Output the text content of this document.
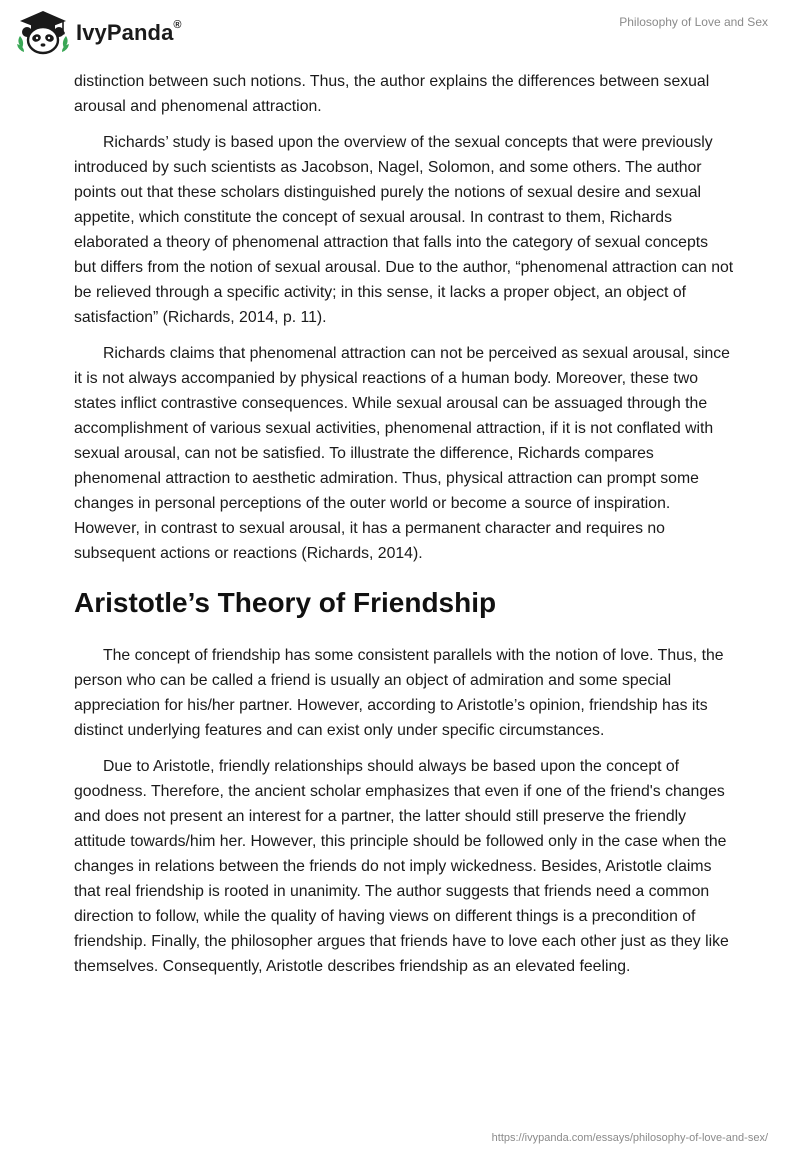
IvyPanda®	Philosophy of Love and Sex

distinction between such notions. Thus, the author explains the differences between sexual arousal and phenomenal attraction.

Richards’ study is based upon the overview of the sexual concepts that were previously introduced by such scientists as Jacobson, Nagel, Solomon, and some others. The author points out that these scholars distinguished purely the notions of sexual desire and sexual appetite, which constitute the concept of sexual arousal. In contrast to them, Richards elaborated a theory of phenomenal attraction that falls into the category of sexual concepts but differs from the notion of sexual arousal. Due to the author, “phenomenal attraction can not be relieved through a specific activity; in this sense, it lacks a proper object, an object of satisfaction” (Richards, 2014, p. 11).

Richards claims that phenomenal attraction can not be perceived as sexual arousal, since it is not always accompanied by physical reactions of a human body. Moreover, these two states inflict contrastive consequences. While sexual arousal can be assuaged through the accomplishment of various sexual activities, phenomenal attraction, if it is not conflated with sexual arousal, can not be satisfied. To illustrate the difference, Richards compares phenomenal attraction to aesthetic admiration. Thus, physical attraction can prompt some changes in personal perceptions of the outer world or become a source of inspiration. However, in contrast to sexual arousal, it has a permanent character and requires no subsequent actions or reactions (Richards, 2014).

Aristotle’s Theory of Friendship

The concept of friendship has some consistent parallels with the notion of love. Thus, the person who can be called a friend is usually an object of admiration and some special appreciation for his/her partner. However, according to Aristotle’s opinion, friendship has its distinct underlying features and can exist only under specific circumstances.

Due to Aristotle, friendly relationships should always be based upon the concept of goodness. Therefore, the ancient scholar emphasizes that even if one of the friend's changes and does not present an interest for a partner, the latter should still preserve the friendly attitude towards/him her. However, this principle should be followed only in the case when the changes in relations between the friends do not imply wickedness. Besides, Aristotle claims that real friendship is rooted in unanimity. The author suggests that friends need a common direction to follow, while the quality of having views on different things is a precondition of friendship. Finally, the philosopher argues that friends have to love each other just as they like themselves. Consequently, Aristotle describes friendship as an elevated feeling.

https://ivypanda.com/essays/philosophy-of-love-and-sex/
